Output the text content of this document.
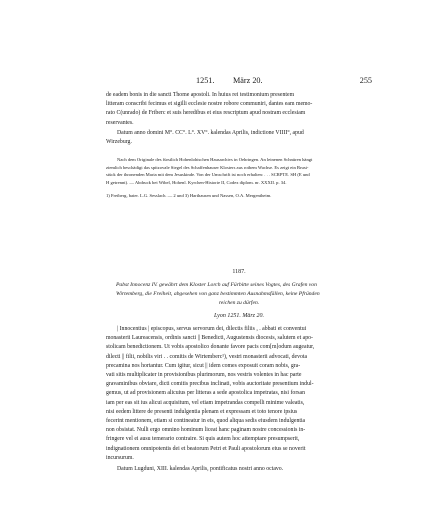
1251. März 20.	255
de eadem bonis in die sancti Thome apostoli. In huius rei testimonium presentem
litteram conscribi fecimus et sigilli ecclesie nostre robore communiri, dantes eam memo-
rato C(unrado) de Friberc et suis heredibus et eius rescriptum apud nostram ecclesiam
reservantes.
Datum anno domini M°. CC°. L°. XV°. kalendas Aprilis, indictione VIIII°, apud
Wirzeburg.
Nach dem Originale des fürstlich Hohenlohischen Hausarchivs in Oehringen. An leinenen Schnüren hängt
ziemlich beschädigt das spitzovale Siegel des Schaffenhauser Klosters aus rotbem Wachse. Es zeigt ein Brust-
stück der thronenden Maria mit dem Jesuskinde. Von der Umschrift ist noch erhalten: . . . SCRPTE. SH (E und
H getrennt). — Abdruck bei Wibel, Hohenl. Kyrchen-Historie II, Codex diplom. nr. XXXII. p. 34.
1) Freiberg, baier. L.G. Sesslach. — 2 und 3) Harthausen und Nassen, O.A. Mergentheim.
1187.
Pabst Innocenz IV. gewährt dem Kloster Lorch auf Fürbitte seines Vogtes, des Grafen von
Wirtemberg, die Freiheit, abgesehen von ganz bestimmten Ausnahmsfällen, keine Pfründen
reichen zu dürfen.
Lyon 1251. März 20.
| Innocentius | episcopus, servus servorum dei, dilectis filiis , . abbati et conventui
monasterii Laureacensis, ordinis sancti || Benedicti, Augustensis diocesis, salutem et apo-
stolicam benedictionem. Ut vobis apostolico donante favore pacis com[m]odum augeatur,
dilecti || filii, nobilis viri . . comitis de Wirtemberc¹), vestri monasterii advocati, devota
precamina nos hortantur. Cum igitur, sicut || idem comes exposuit coram nobis, gra-
vati sitis multiplicater in provisionibus plurimorum, nos vestris volentes in hac parte
gravaminibus obviare, dicti comitis precibus inclinati, vobis auctoritate presentium indul-
gemus, ut ad provisionem alicuius per litteras a sede apostolica impetratas, nisi forsan
iam per eas sit ius alicui acquisitum, vel etiam impetrandas compelli minime valeatis,
nisi eedem littere de presenti indulgentia plenam et expressam et toto tenore ipsius
fecerint mentionem, etiam si contineatur in eis, quod aliqua sedis eiusdem indulgentia
non obsistat. Nulli ergo omnino hominum liceat hanc paginam nostre concessionis in-
fringere vel ei ausu temerario contraire. Si quis autem hoc attemptare presumpserit,
indignationem omnipotentis dei et beatorum Petri et Pauli apostolorum eius se noverit
incursurum.
Datum Lugduni, XIII. kalendas Aprilis, pontificatus nostri anno octavo.
